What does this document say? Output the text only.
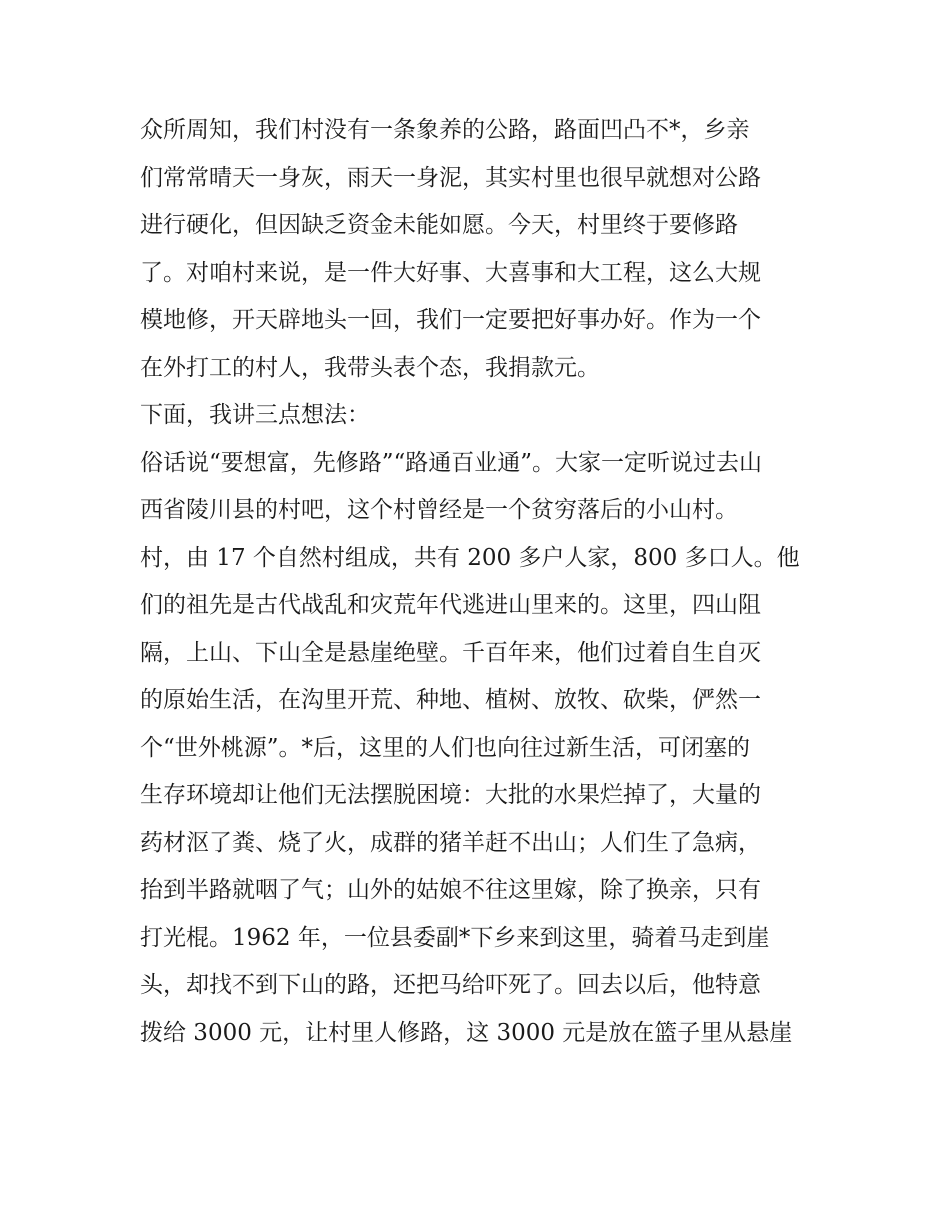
众所周知，我们村没有一条象养的公路，路面凹凸不*，乡亲
们常常晴天一身灰，雨天一身泥，其实村里也很早就想对公路
进行硬化，但因缺乏资金未能如愿。今天，村里终于要修路
了。对咱村来说，是一件大好事、大喜事和大工程，这么大规
模地修，开天辟地头一回，我们一定要把好事办好。作为一个
在外打工的村人，我带头表个态，我捐款元。
下面，我讲三点想法：
俗话说“要想富，先修路”“路通百业通”。大家一定听说过去山
西省陵川县的村吧，这个村曾经是一个贫穷落后的小山村。
村，由 17 个自然村组成，共有 200 多户人家，800 多口人。他
们的祖先是古代战乱和灾荒年代逃进山里来的。这里，四山阻
隔，上山、下山全是悬崖绝壁。千百年来，他们过着自生自灭
的原始生活，在沟里开荒、种地、植树、放牧、砍柴，俨然一
个“世外桃源”。*后，这里的人们也向往过新生活，可闭塞的
生存环境却让他们无法摆脱困境：大批的水果烂掉了，大量的
药材沤了粪、烧了火，成群的猪羊赶不出山；人们生了急病，
抬到半路就咽了气；山外的姑娘不往这里嫁，除了换亲，只有
打光棍。1962 年，一位县委副*下乡来到这里，骑着马走到崖
头，却找不到下山的路，还把马给吓死了。回去以后，他特意
拨给 3000 元，让村里人修路，这 3000 元是放在篮子里从悬崖
